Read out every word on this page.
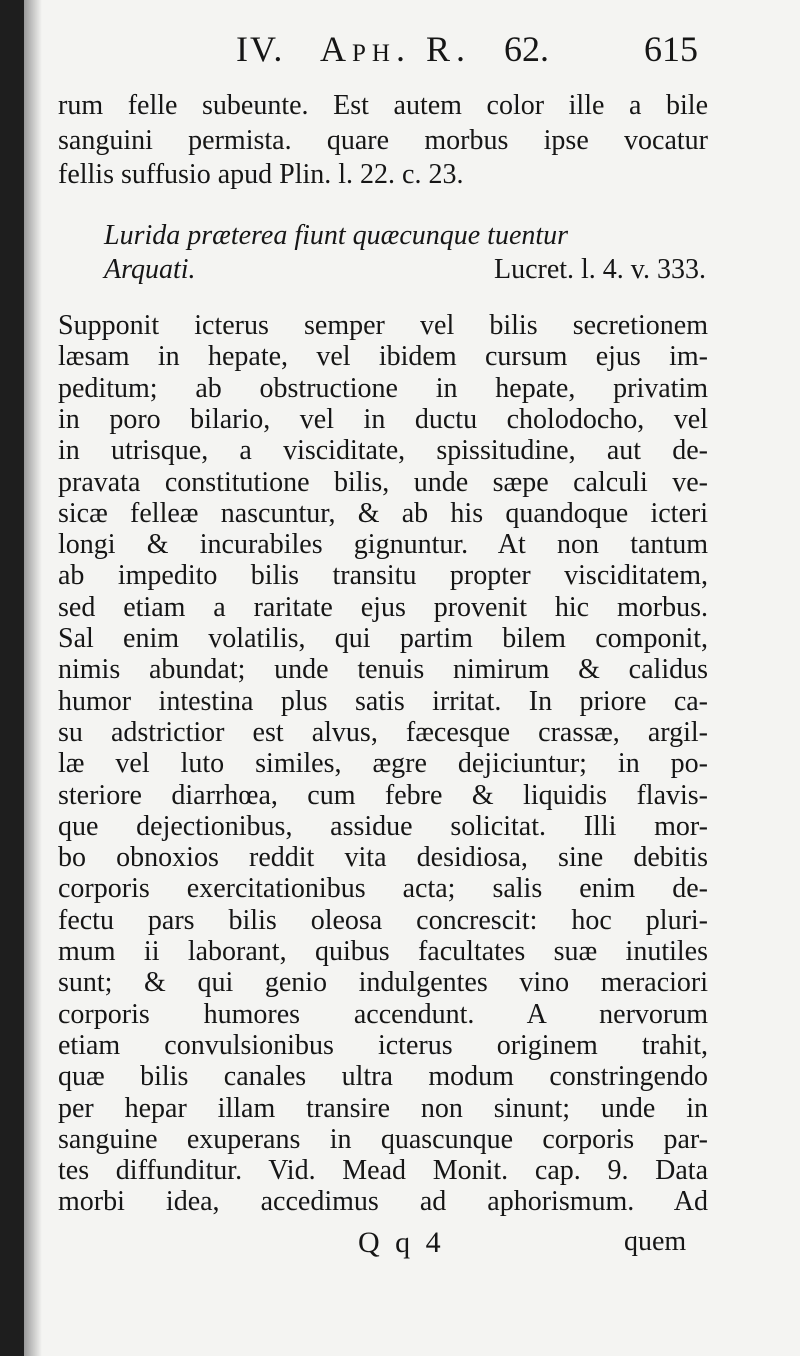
IV. Aph. R. 62.	615
rum felle subeunte. Est autem color ille a bile
sanguini permista. quare morbus ipse vocatur
fellis suffusio apud Plin. l. 22. c. 23.
Lurida præterea fiunt quæcunque tuentur
Arquati.	Lucret. l. 4. v. 333.
Supponit icterus semper vel bilis secretionem
læsam in hepate, vel ibidem cursum ejus im-
peditum; ab obstructione in hepate, privatim
in poro bilario, vel in ductu cholodocho, vel
in utrisque, a visciditate, spissitudine, aut de-
pravata constitutione bilis, unde sæpe calculi ve-
sicæ felleæ nascuntur, & ab his quandoque icteri
longi & incurabiles gignuntur. At non tantum
ab impedito bilis transitu propter visciditatem,
sed etiam a raritate ejus provenit hic morbus.
Sal enim volatilis, qui partim bilem componit,
nimis abundat; unde tenuis nimirum & calidus
humor intestina plus satis irritat. In priore ca-
su adstrictior est alvus, fæcesque crassæ, argil-
læ vel luto similes, ægre dejiciuntur; in po-
steriore diarrhœa, cum febre & liquidis flavis-
que dejectionibus, assidue solicitat. Illi mor-
bo obnoxios reddit vita desidiosa, sine debitis
corporis exercitationibus acta; salis enim de-
fectu pars bilis oleosa concrescit: hoc pluri-
mum ii laborant, quibus facultates suæ inutiles
sunt; & qui genio indulgentes vino meraciori
corporis humores accendunt. A nervorum
etiam convulsionibus icterus originem trahit,
quæ bilis canales ultra modum constringendo
per hepar illam transire non sinunt; unde in
sanguine exuperans in quascunque corporis par-
tes diffunditur. Vid. Mead Monit. cap. 9. Data
morbi idea, accedimus ad aphorismum. Ad
Q q 4	quem
